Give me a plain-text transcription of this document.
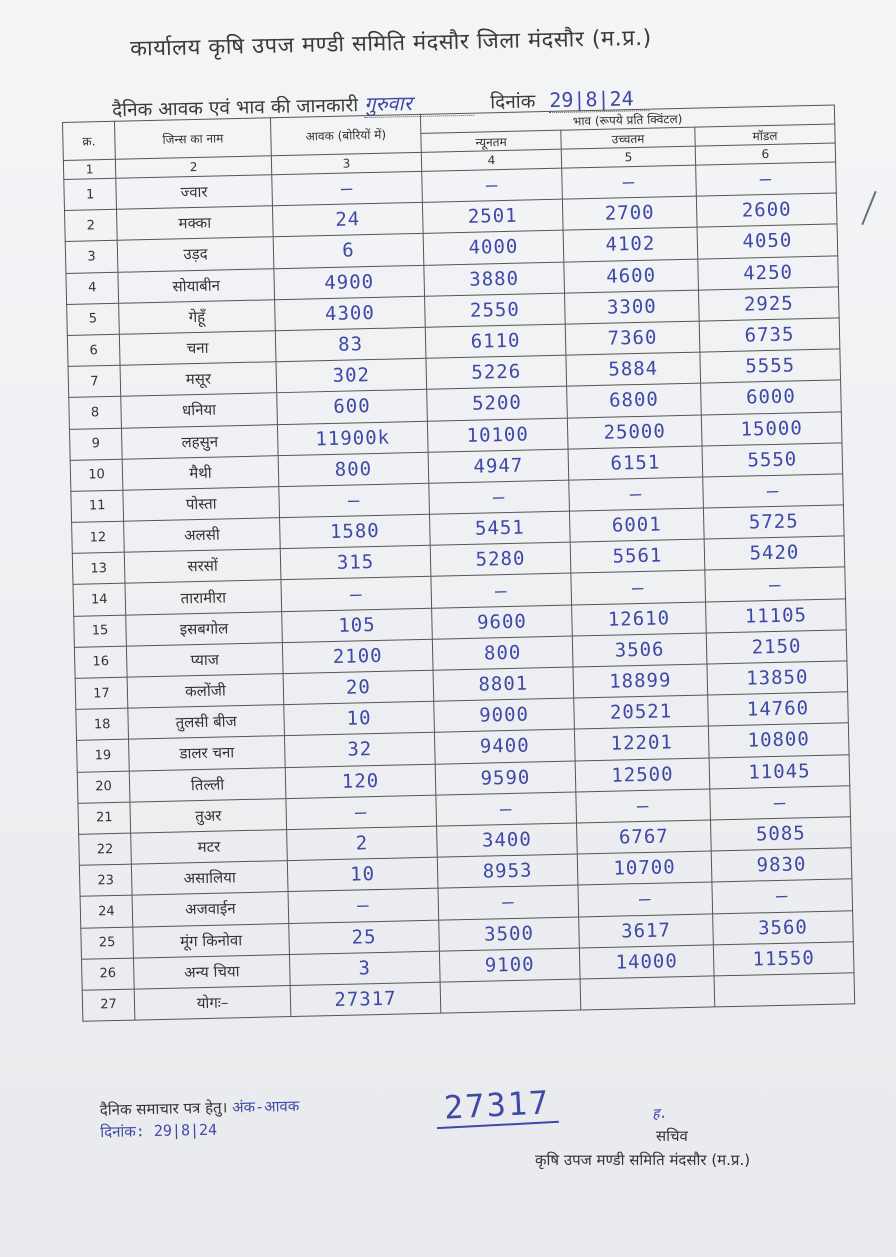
कार्यालय कृषि उपज मण्डी समिति मंदसौर जिला मंदसौर (म.प्र.)
दैनिक आवक एवं भाव की जानकारी गुरुवार	दिनांक 29|8|24
क्र.	जिन्स का नाम	आवक (बोरियों में)	भाव (रूपये प्रति क्विंटल)		
			न्यूनतम	उच्चतम	मॉडल
1	2	3	4	5	6
1	ज्वार	–	–	–	–
2	मक्का	24	2501	2700	2600
3	उड़द	6	4000	4102	4050
4	सोयाबीन	4900	3880	4600	4250
5	गेहूँ	4300	2550	3300	2925
6	चना	83	6110	7360	6735
7	मसूर	302	5226	5884	5555
8	धनिया	600	5200	6800	6000
9	लहसुन	11900k	10100	25000	15000
10	मैथी	800	4947	6151	5550
11	पोस्ता	–	–	–	–
12	अलसी	1580	5451	6001	5725
13	सरसों	315	5280	5561	5420
14	तारामीरा	–	–	–	–
15	इसबगोल	105	9600	12610	11105
16	प्याज	2100	800	3506	2150
17	कलोंजी	20	8801	18899	13850
18	तुलसी बीज	10	9000	20521	14760
19	डालर चना	32	9400	12201	10800
20	तिल्ली	120	9590	12500	11045
21	तुअर	–	–	–	–
22	मटर	2	3400	6767	5085
23	असालिया	10	8953	10700	9830
24	अजवाईन	–	–	–	–
25	मूंग किनोवा	25	3500	3617	3560
26	अन्य चिया	3	9100	14000	11550
27	योगः–	27317			
दैनिक समाचार पत्र हेतु। अंक-आवक
दिनांक: 29|8|24
27317	ह.
सचिव
कृषि उपज मण्डी समिति मंदसौर (म.प्र.)
